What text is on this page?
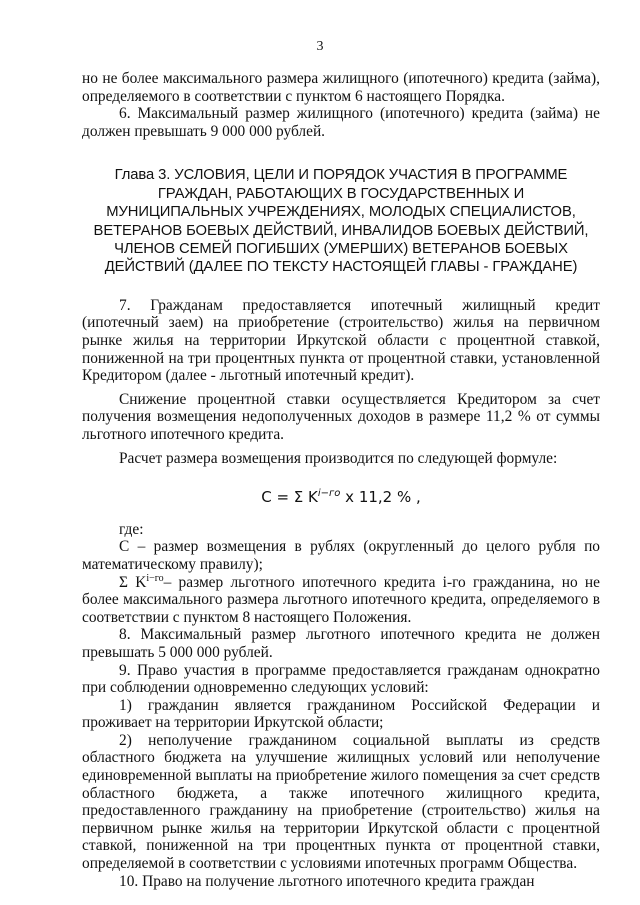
3

но не более максимального размера жилищного (ипотечного) кредита (займа), определяемого в соответствии с пунктом 6 настоящего Порядка.

6. Максимальный размер жилищного (ипотечного) кредита (займа) не должен превышать 9 000 000 рублей.

Глава 3. УСЛОВИЯ, ЦЕЛИ И ПОРЯДОК УЧАСТИЯ В ПРОГРАММЕ
ГРАЖДАН, РАБОТАЮЩИХ В ГОСУДАРСТВЕННЫХ И
МУНИЦИПАЛЬНЫХ УЧРЕЖДЕНИЯХ, МОЛОДЫХ СПЕЦИАЛИСТОВ,
ВЕТЕРАНОВ БОЕВЫХ ДЕЙСТВИЙ, ИНВАЛИДОВ БОЕВЫХ ДЕЙСТВИЙ,
ЧЛЕНОВ СЕМЕЙ ПОГИБШИХ (УМЕРШИХ) ВЕТЕРАНОВ БОЕВЫХ
ДЕЙСТВИЙ (ДАЛЕЕ ПО ТЕКСТУ НАСТОЯЩЕЙ ГЛАВЫ - ГРАЖДАНЕ)

7. Гражданам предоставляется ипотечный жилищный кредит (ипотечный заем) на приобретение (строительство) жилья на первичном рынке жилья на территории Иркутской области с процентной ставкой, пониженной на три процентных пункта от процентной ставки, установленной Кредитором (далее - льготный ипотечный кредит).

Снижение процентной ставки осуществляется Кредитором за счет получения возмещения недополученных доходов в размере 11,2 % от суммы льготного ипотечного кредита.

Расчет размера возмещения производится по следующей формуле:

C = Σ $K^{i-го}$ x 11,2 % ,

где:

С – размер возмещения в рублях (округленный до целого рубля по математическому правилу);

Σ $K^{i-го}-$ размер льготного ипотечного кредита i-го гражданина, но не более максимального размера льготного ипотечного кредита, определяемого в соответствии с пунктом 8 настоящего Положения.

8. Максимальный размер льготного ипотечного кредита не должен превышать 5 000 000 рублей.

9. Право участия в программе предоставляется гражданам однократно при соблюдении одновременно следующих условий:

1) гражданин является гражданином Российской Федерации и проживает на территории Иркутской области;

2) неполучение гражданином социальной выплаты из средств областного бюджета на улучшение жилищных условий или неполучение единовременной выплаты на приобретение жилого помещения за счет средств областного бюджета, а также ипотечного жилищного кредита, предоставленного гражданину на приобретение (строительство) жилья на первичном рынке жилья на территории Иркутской области с процентной ставкой, пониженной на три процентных пункта от процентной ставки, определяемой в соответствии с условиями ипотечных программ Общества.

10. Право на получение льготного ипотечного кредита граждан
